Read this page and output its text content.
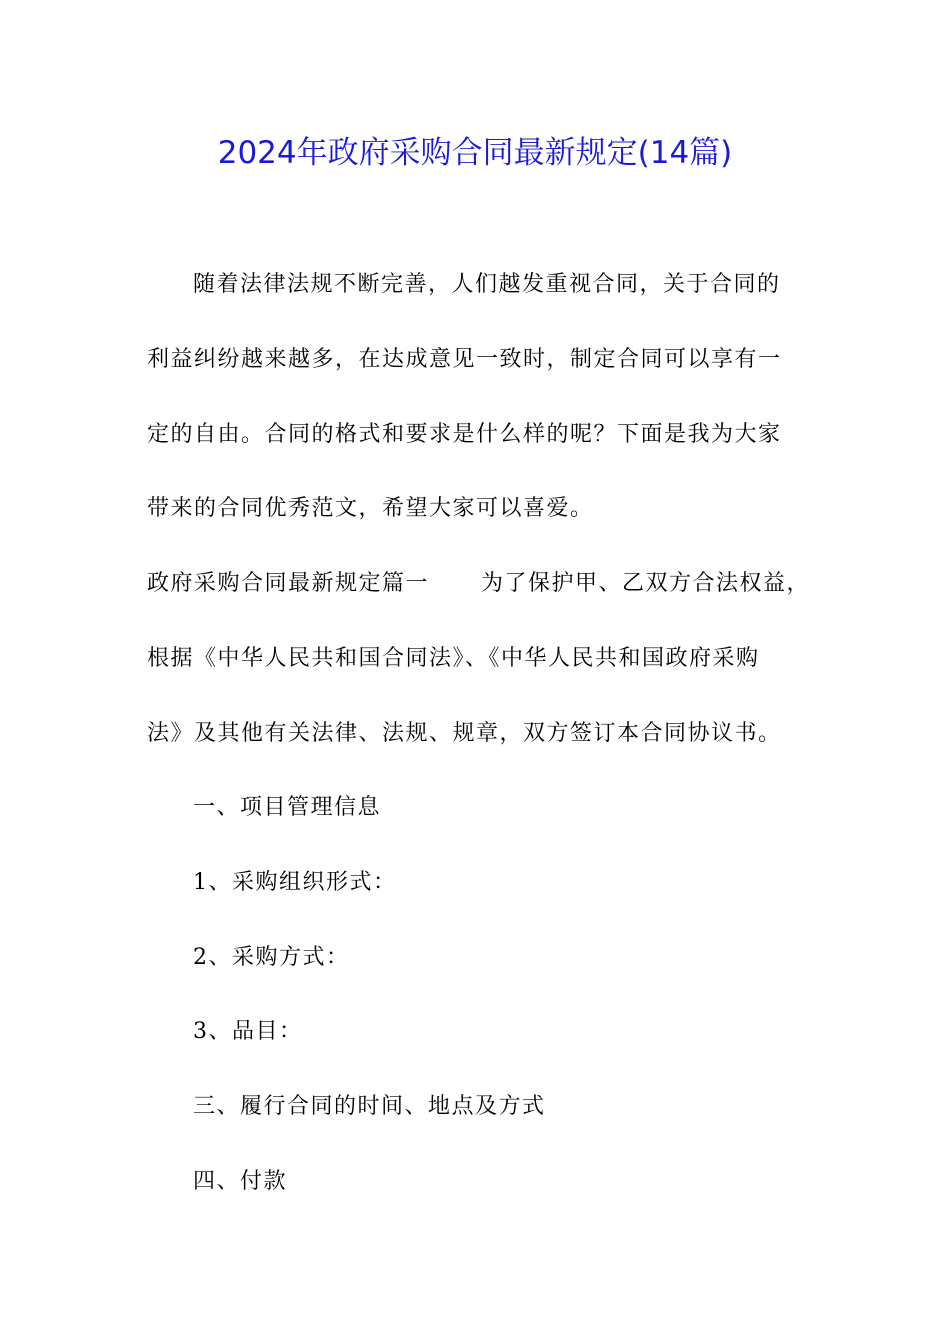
2024年政府采购合同最新规定(14篇)
随着法律法规不断完善，人们越发重视合同，关于合同的
利益纠纷越来越多，在达成意见一致时，制定合同可以享有一
定的自由。合同的格式和要求是什么样的呢？下面是我为大家
带来的合同优秀范文，希望大家可以喜爱。
政府采购合同最新规定篇一 为了保护甲、乙双方合法权益，
根据《中华人民共和国合同法》、《中华人民共和国政府采购
法》及其他有关法律、法规、规章，双方签订本合同协议书。
一、项目管理信息
1、采购组织形式：
2、采购方式：
3、品目：
三、履行合同的时间、地点及方式
四、付款
